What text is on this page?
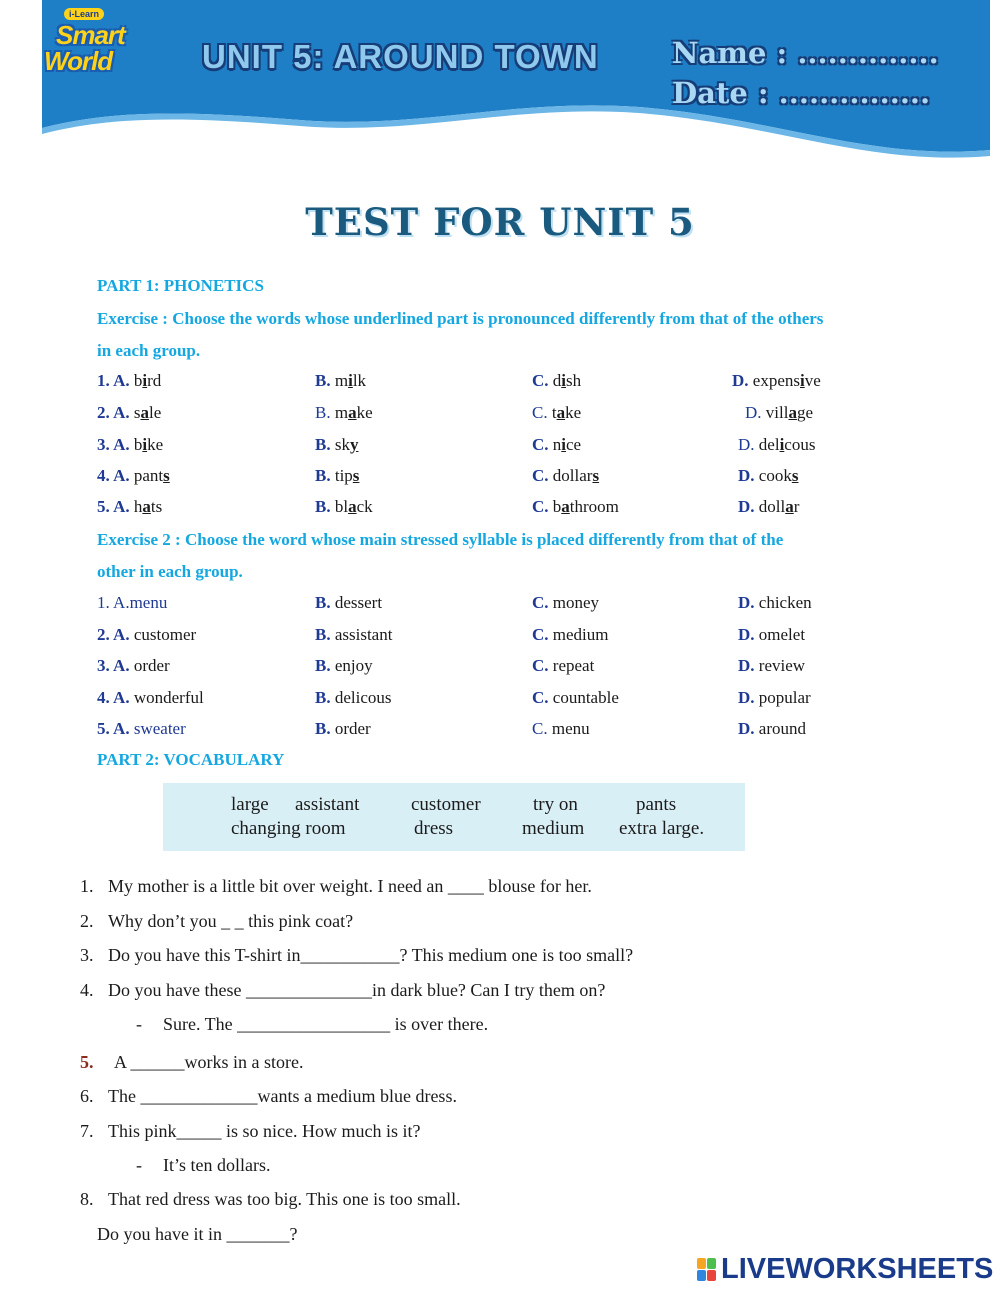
i-Learn
Smart
World	UNIT 5: AROUND TOWN	Name : ..............
Date : ...............
TEST FOR UNIT 5
PART 1: PHONETICS
Exercise : Choose the words whose underlined part is pronounced differently from that of the others
in each group.
1. A. bird	B. milk	C. dish	D. expensive
2. A. sale	B. make	C. take	D. village
3. A. bike	B. sky	C. nice	D. delicous
4. A. pants	B. tips	C. dollars	D. cooks
5. A. hats	B. black	C. bathroom	D. dollar
Exercise 2 : Choose the word whose main stressed syllable is placed differently from that of the
other in each group.
1. A.menu	B. dessert	C. money	D. chicken
2. A. customer	B. assistant	C. medium	D. omelet
3. A. order	B. enjoy	C. repeat	D. review
4. A. wonderful	B. delicous	C. countable	D. popular
5. A. sweater	B. order	C. menu	D. around
PART 2: VOCABULARY
large assistant	customer	try on	pants
changing room	dress	medium extra large.
1. My mother is a little bit over weight. I need an ____ blouse for her.
2. Why don’t you _ _ this pink coat?
3. Do you have this T-shirt in___________? This medium one is too small?
4. Do you have these ______________in dark blue? Can I try them on?
- Sure. The _________________ is over there.
5. A ______works in a store.
6. The _____________wants a medium blue dress.
7. This pink_____ is so nice. How much is it?
- It’s ten dollars.
8. That red dress was too big. This one is too small.
Do you have it in _______?
LIVEWORKSHEETS
